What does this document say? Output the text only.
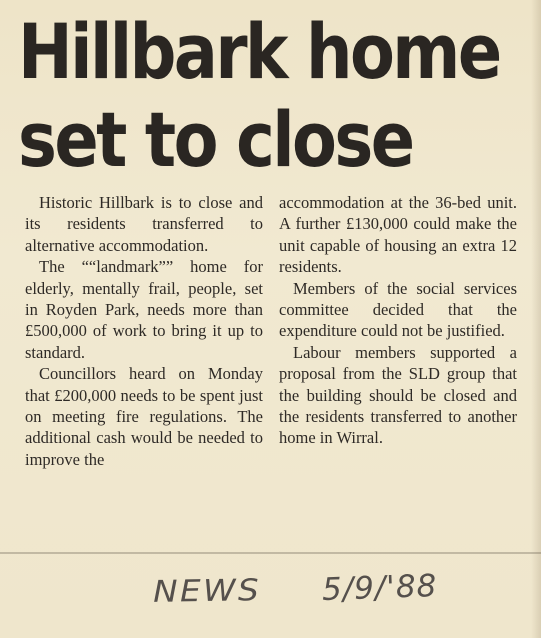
Hillbark home
set to close

Historic Hillbark is to close and its residents transferred to alternative accommodation.

The ““landmark”” home for elderly, mentally frail, people, set in Royden Park, needs more than £500,000 of work to bring it up to standard.

Councillors heard on Monday that £200,000 needs to be spent just on meeting fire regulations. The additional cash would be needed to improve the

accommodation at the 36-bed unit. A further £130,000 could make the unit capable of housing an extra 12 residents.

Members of the social services committee decided that the expenditure could not be justified.

Labour members supported a proposal from the SLD group that the building should be closed and the residents transferred to another home in Wirral.

NEWS 5/9/'88
